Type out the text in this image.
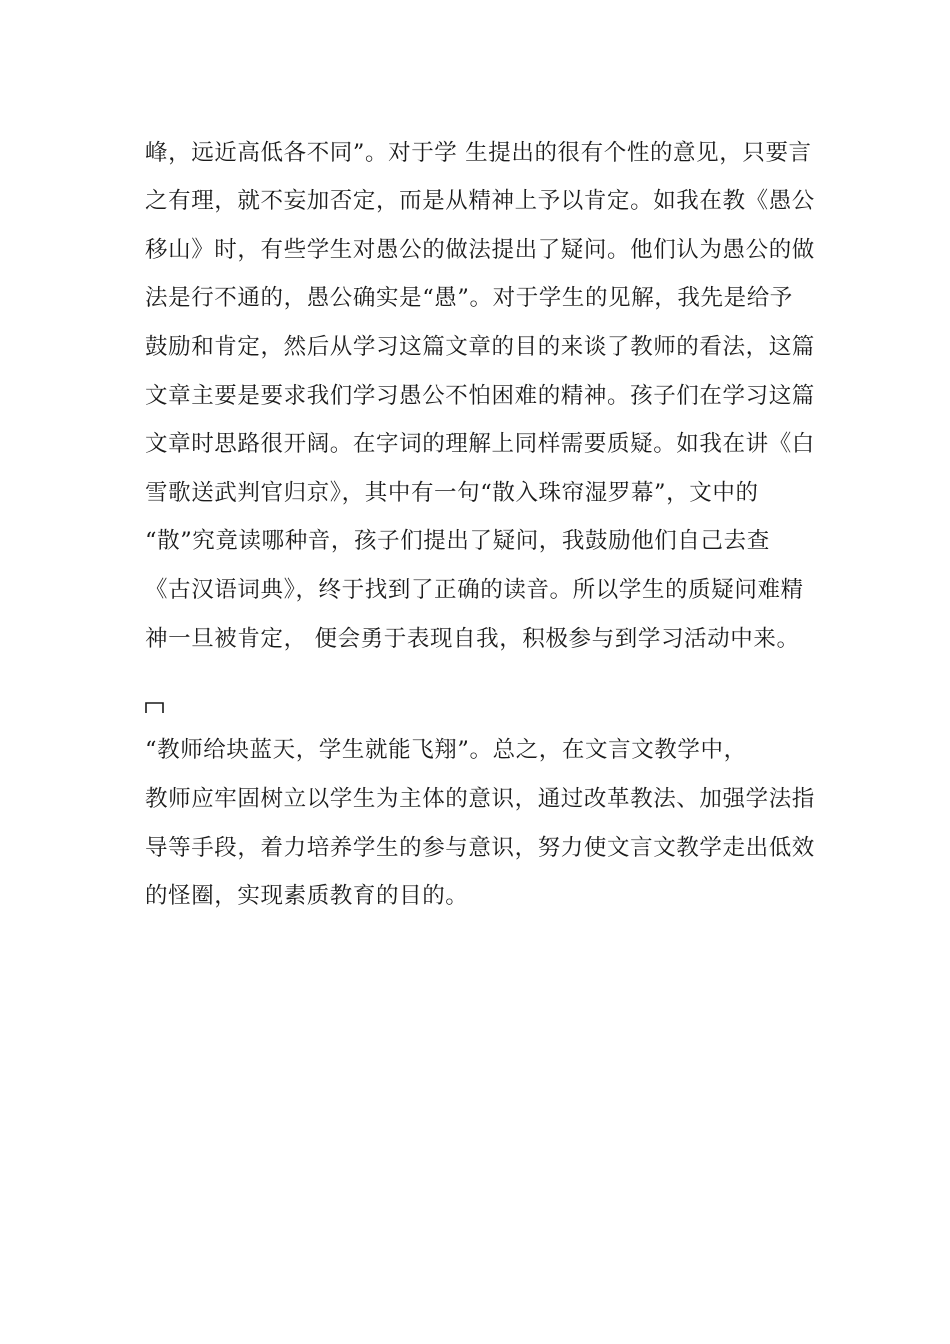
峰，远近高低各不同”。对于学 生提出的很有个性的意见，只要言
之有理，就不妄加否定，而是从精神上予以肯定。如我在教《愚公
移山》时，有些学生对愚公的做法提出了疑问。他们认为愚公的做
法是行不通的，愚公确实是“愚”。对于学生的见解，我先是给予
鼓励和肯定，然后从学习这篇文章的目的来谈了教师的看法，这篇
文章主要是要求我们学习愚公不怕困难的精神。孩子们在学习这篇
文章时思路很开阔。在字词的理解上同样需要质疑。如我在讲《白
雪歌送武判官归京》，其中有一句“散入珠帘湿罗幕”，文中的
“散”究竟读哪种音，孩子们提出了疑问，我鼓励他们自己去查
《古汉语词典》，终于找到了正确的读音。所以学生的质疑问难精
神一旦被肯定， 便会勇于表现自我，积极参与到学习活动中来。
“教师给块蓝天，学生就能飞翔”。总之，在文言文教学中，
教师应牢固树立以学生为主体的意识，通过改革教法、加强学法指
导等手段，着力培养学生的参与意识，努力使文言文教学走出低效
的怪圈，实现素质教育的目的。
